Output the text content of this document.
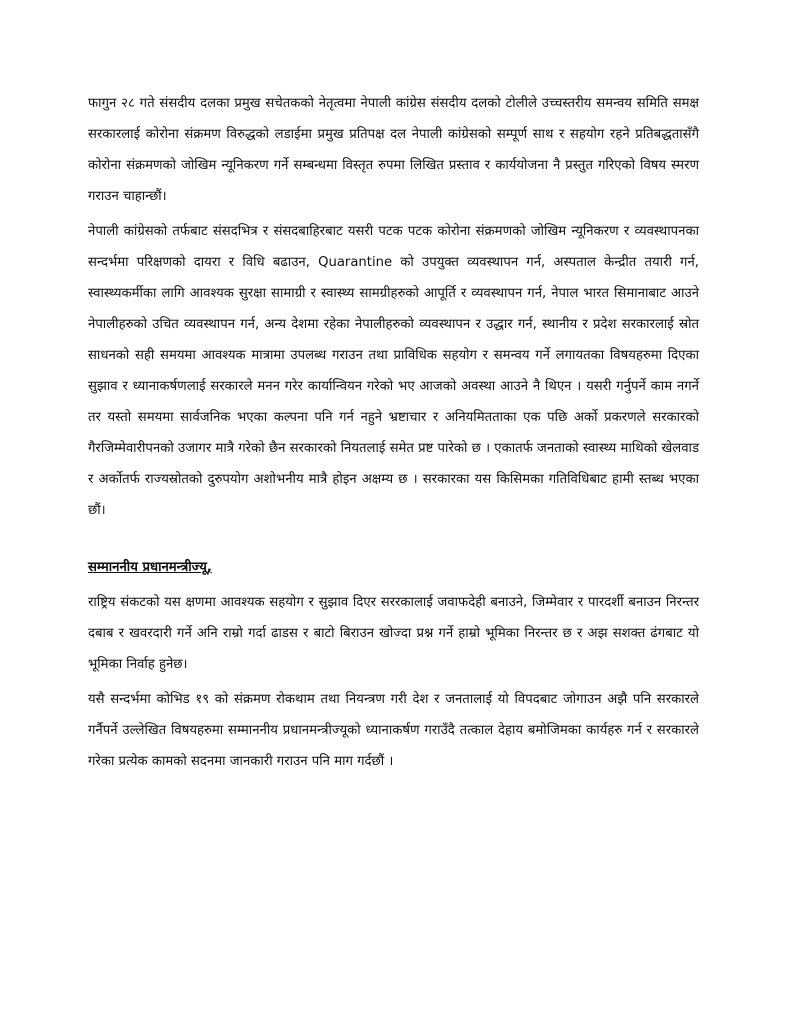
फागुन २८ गते संसदीय दलका प्रमुख सचेतकको नेतृत्वमा नेपाली कांग्रेस संसदीय दलको टोलीले उच्चस्तरीय समन्वय समिति समक्ष सरकारलाई कोरोना संक्रमण विरुद्धको लडाईमा प्रमुख प्रतिपक्ष दल नेपाली कांग्रेसको सम्पूर्ण साथ र सहयोग रहने प्रतिबद्धतासँगै कोरोना संक्रमणको जोखिम न्यूनिकरण गर्ने सम्बन्धमा विस्तृत रुपमा लिखित प्रस्ताव र कार्ययोजना नै प्रस्तुत गरिएको विषय स्मरण गराउन चाहान्छौं।

नेपाली कांग्रेसको तर्फबाट संसदभित्र र संसदबाहिरबाट यसरी पटक पटक कोरोना संक्रमणको जोखिम न्यूनिकरण र व्यवस्थापनका सन्दर्भमा परिक्षणको दायरा र विधि बढाउन, Quarantine को उपयुक्त व्यवस्थापन गर्न, अस्पताल केन्द्रीत तयारी गर्न, स्वास्थ्यकर्मीका लागि आवश्यक सुरक्षा सामाग्री र स्वास्थ्य सामग्रीहरुको आपूर्ति र व्यवस्थापन गर्न, नेपाल भारत सिमानाबाट आउने नेपालीहरुको उचित व्यवस्थापन गर्न, अन्य देशमा रहेका नेपालीहरुको व्यवस्थापन र उद्धार गर्न, स्थानीय र प्रदेश सरकारलाई स्रोत साधनको सही समयमा आवश्यक मात्रामा उपलब्ध गराउन तथा प्राविधिक सहयोग र समन्वय गर्ने लगायतका विषयहरुमा दिएका सुझाव र ध्यानाकर्षणलाई सरकारले मनन गरेर कार्यान्वियन गरेको भए आजको अवस्था आउने नै थिएन । यसरी गर्नुपर्ने काम नगर्ने तर यस्तो समयमा सार्वजनिक भएका कल्पना पनि गर्न नहुने भ्रष्टाचार र अनियमितताका एक पछि अर्को प्रकरणले सरकारको गैरजिम्मेवारीपनको उजागर मात्रै गरेको छैन सरकारको नियतलाई समेत प्रष्ट पारेको छ । एकातर्फ जनताको स्वास्थ्य माथिको खेलवाड र अर्कोतर्फ राज्यस्रोतको दुरुपयोग अशोभनीय मात्रै होइन अक्षम्य छ । सरकारका यस किसिमका गतिविधिबाट हामी स्तब्ध भएका छौं।

सम्माननीय प्रधानमन्त्रीज्यू,

राष्ट्रिय संकटको यस क्षणमा आवश्यक सहयोग र सुझाव दिएर सररकालाई जवाफदेही बनाउने, जिम्मेवार र पारदर्शी बनाउन निरन्तर दबाब र खवरदारी गर्ने अनि राम्रो गर्दा ढाडस र बाटो बिराउन खोज्दा प्रश्न गर्ने हाम्रो भूमिका निरन्तर छ र अझ सशक्त ढंगबाट यो भूमिका निर्वाह हुनेछ।

यसै सन्दर्भमा कोभिड १९ को संक्रमण रोकथाम तथा नियन्त्रण गरी देश र जनतालाई यो विपदबाट जोगाउन अझै पनि सरकारले गर्नैपर्ने उल्लेखित विषयहरुमा सम्माननीय प्रधानमन्त्रीज्यूको ध्यानाकर्षण गराउँदै तत्काल देहाय बमोजिमका कार्यहरु गर्न र सरकारले गरेका प्रत्येक कामको सदनमा जानकारी गराउन पनि माग गर्दछौं ।
